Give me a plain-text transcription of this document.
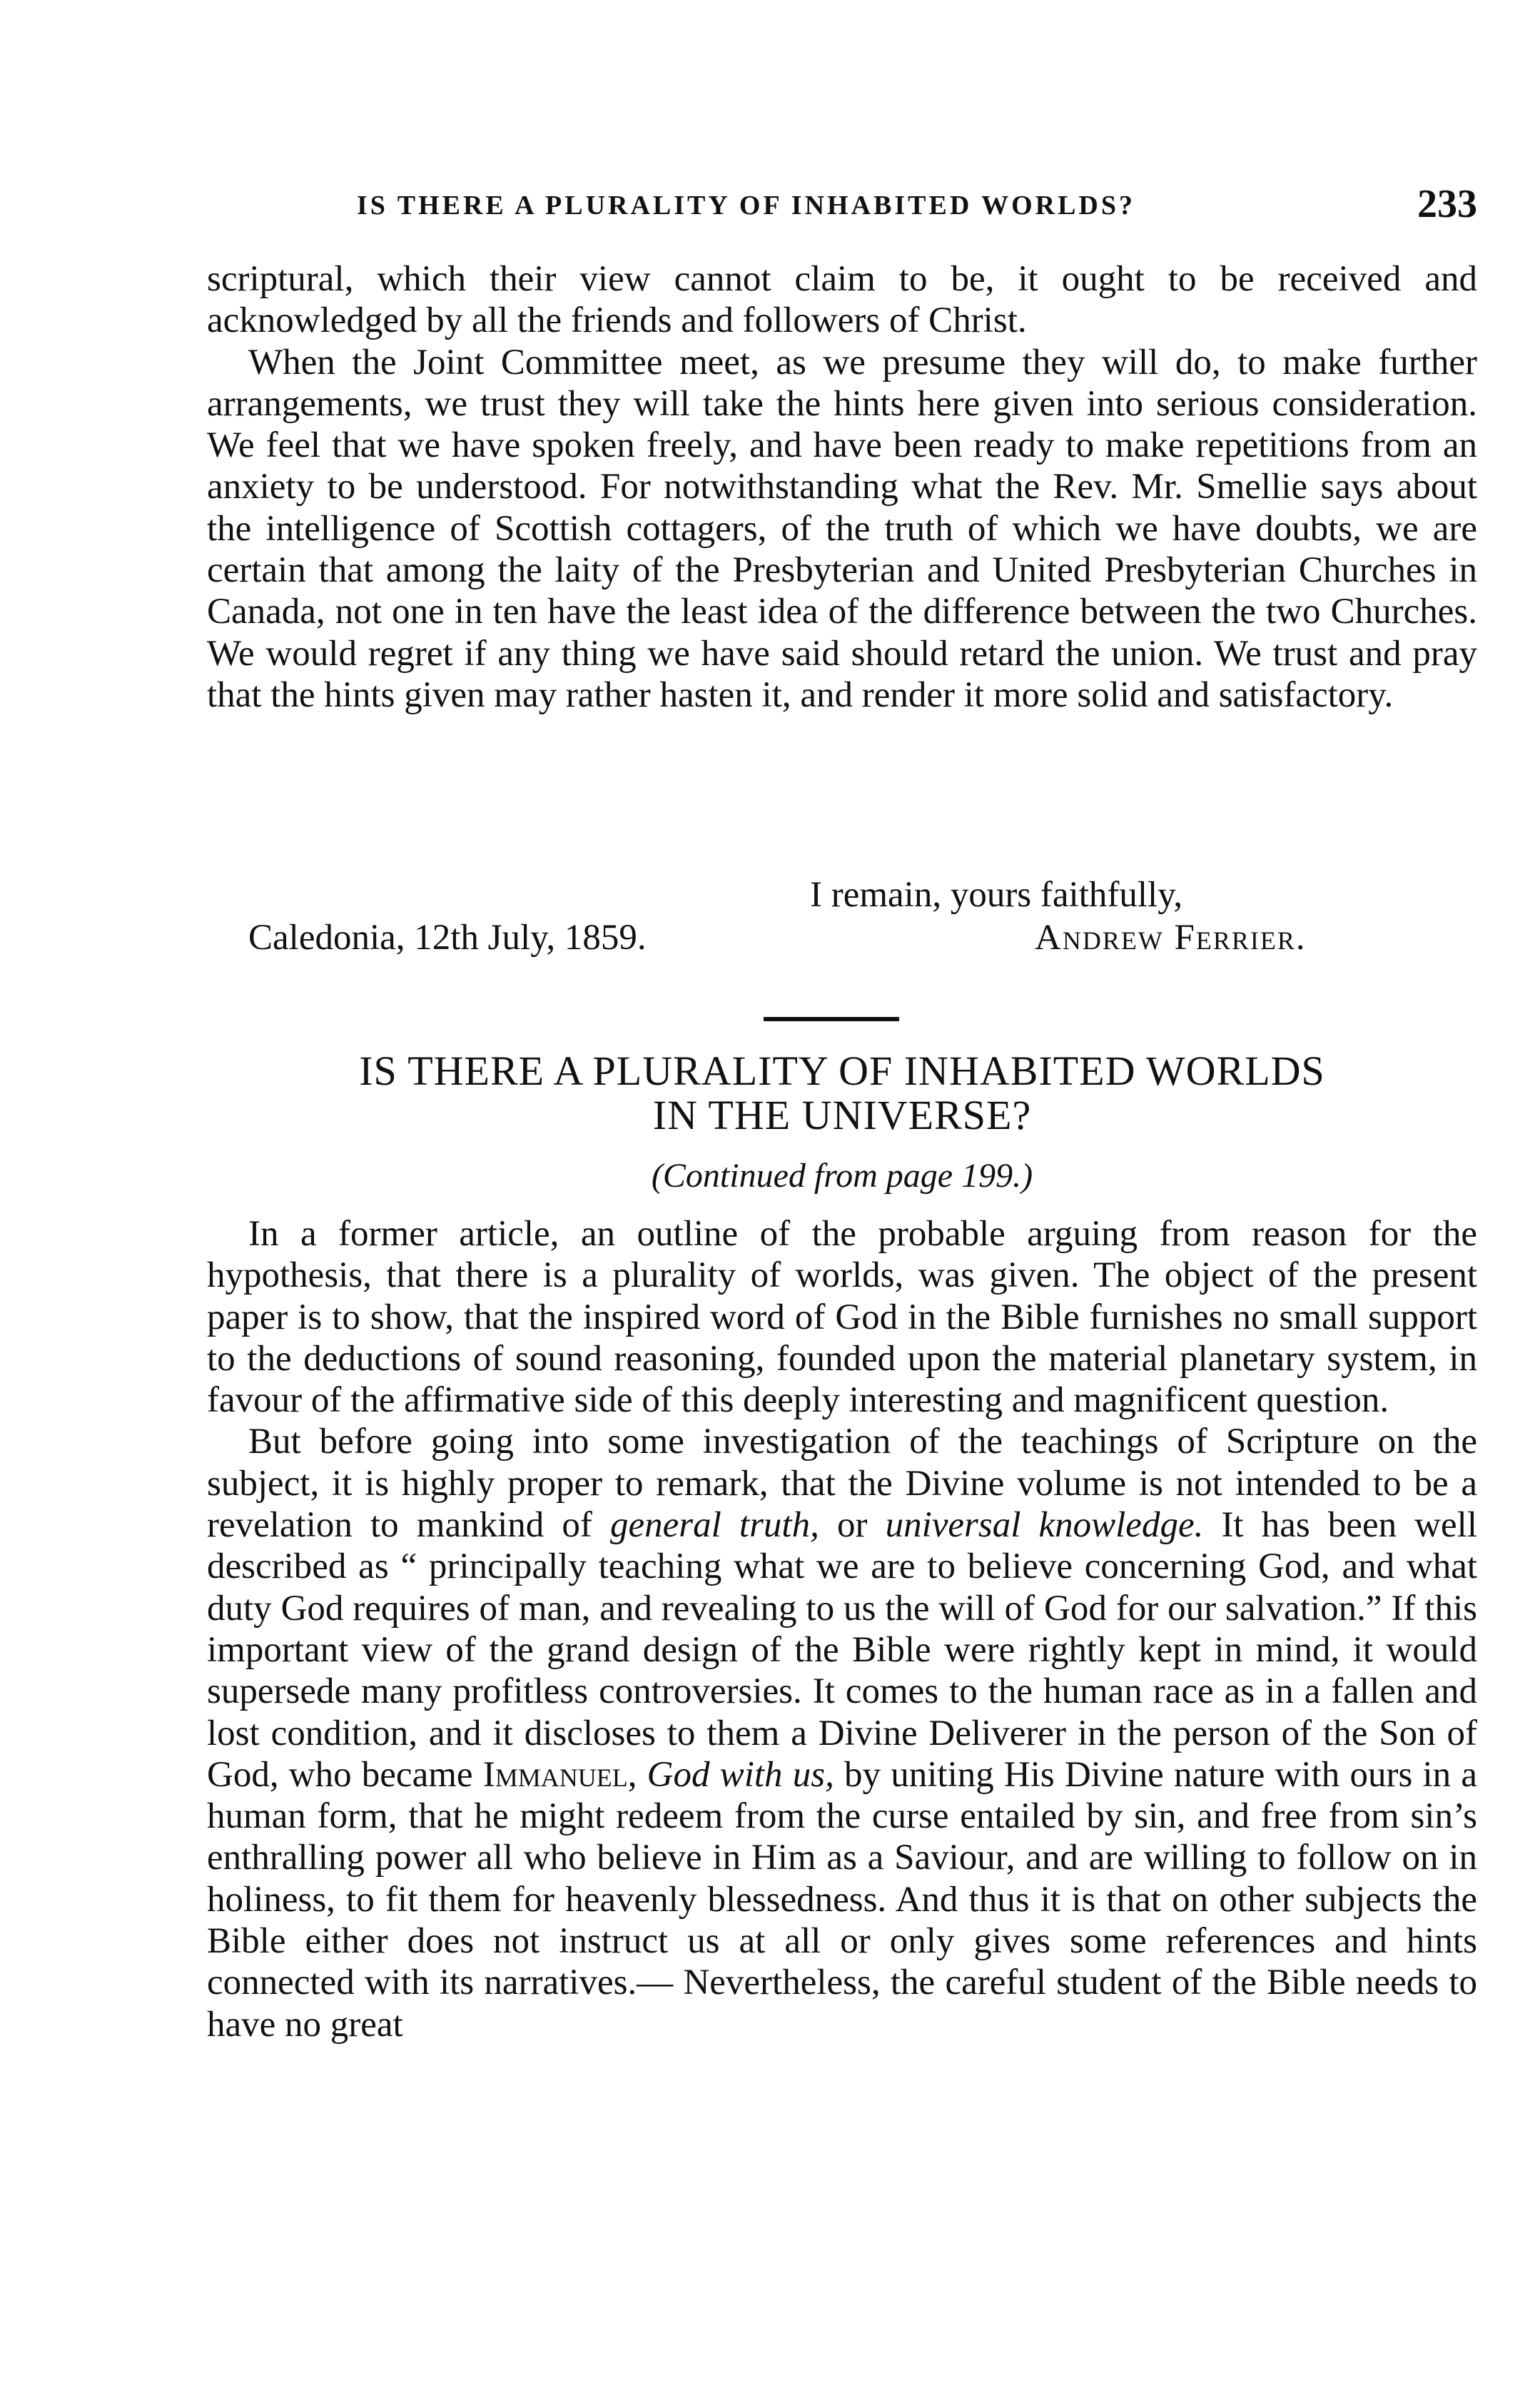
IS THERE A PLURALITY OF INHABITED WORLDS?	233

scriptural, which their view cannot claim to be, it ought to be received and acknowledged by all the friends and followers of Christ.

When the Joint Committee meet, as we presume they will do, to make further arrangements, we trust they will take the hints here given into serious consideration. We feel that we have spoken freely, and have been ready to make repetitions from an anxiety to be understood. For notwithstanding what the Rev. Mr. Smellie says about the intelligence of Scottish cottagers, of the truth of which we have doubts, we are certain that among the laity of the Presbyterian and United Presbyterian Churches in Canada, not one in ten have the least idea of the difference between the two Churches. We would regret if any thing we have said should retard the union. We trust and pray that the hints given may rather hasten it, and render it more solid and satisfactory.

I remain, yours faithfully,
Caledonia, 12th July, 1859.	Andrew Ferrier.
IS THERE A PLURALITY OF INHABITED WORLDS
IN THE UNIVERSE?
(Continued from page 199.)

In a former article, an outline of the probable arguing from reason for the hypothesis, that there is a plurality of worlds, was given. The object of the present paper is to show, that the inspired word of God in the Bible furnishes no small support to the deductions of sound reasoning, founded upon the material planetary system, in favour of the affirmative side of this deeply interesting and magnificent question.

But before going into some investigation of the teachings of Scripture on the subject, it is highly proper to remark, that the Divine volume is not intended to be a revelation to mankind of general truth, or universal knowledge. It has been well described as “ principally teaching what we are to believe concerning God, and what duty God requires of man, and revealing to us the will of God for our salvation.” If this important view of the grand design of the Bible were rightly kept in mind, it would supersede many profitless controversies. It comes to the human race as in a fallen and lost condition, and it discloses to them a Divine Deliverer in the person of the Son of God, who became Immanuel, God with us, by uniting His Divine nature with ours in a human form, that he might redeem from the curse entailed by sin, and free from sin’s enthralling power all who believe in Him as a Saviour, and are willing to follow on in holiness, to fit them for heavenly blessedness. And thus it is that on other subjects the Bible either does not instruct us at all or only gives some references and hints connected with its narratives.— Nevertheless, the careful student of the Bible needs to have no great
